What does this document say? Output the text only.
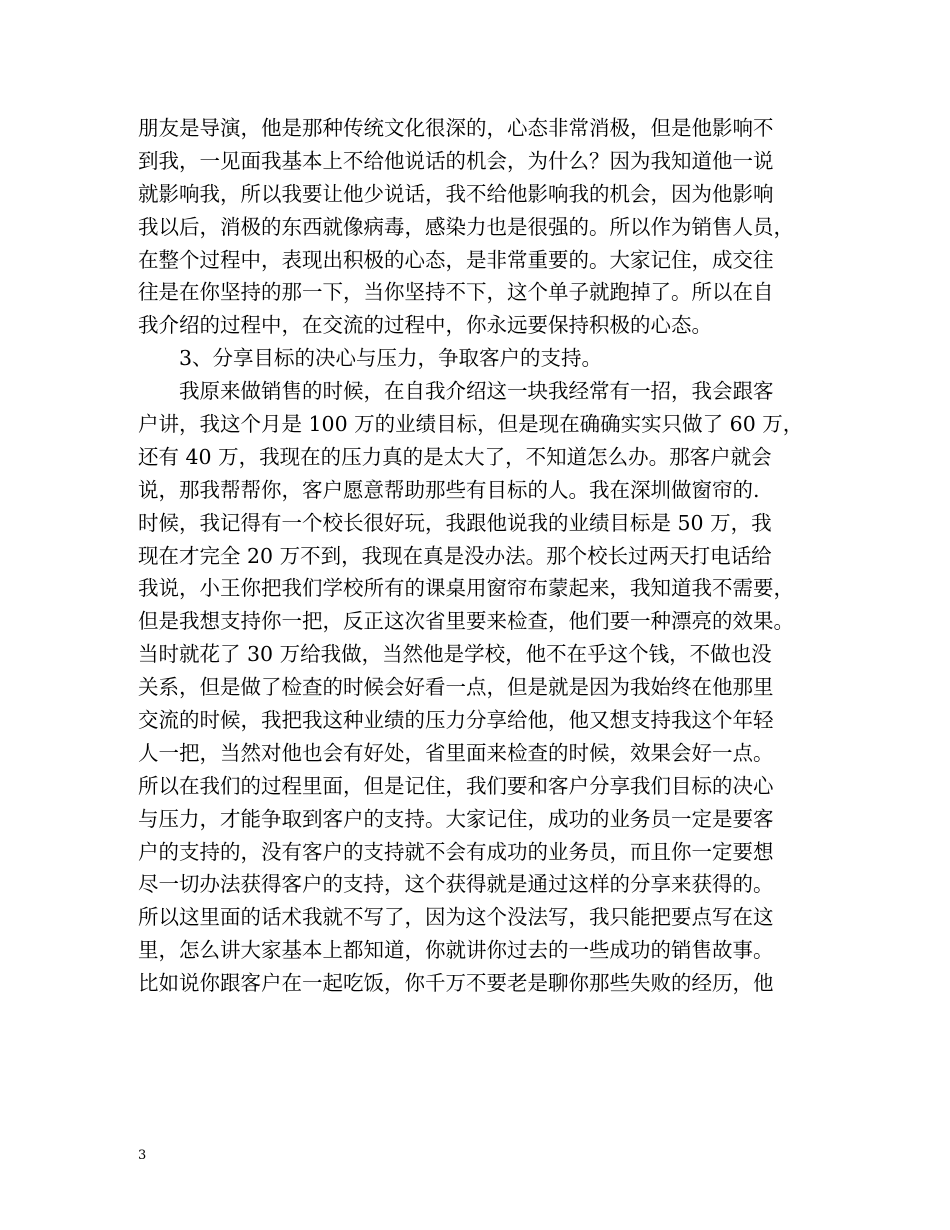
朋友是导演，他是那种传统文化很深的，心态非常消极，但是他影响不
到我，一见面我基本上不给他说话的机会，为什么？因为我知道他一说
就影响我，所以我要让他少说话，我不给他影响我的机会，因为他影响
我以后，消极的东西就像病毒，感染力也是很强的。所以作为销售人员，
在整个过程中，表现出积极的心态，是非常重要的。大家记住，成交往
往是在你坚持的那一下，当你坚持不下，这个单子就跑掉了。所以在自
我介绍的过程中，在交流的过程中，你永远要保持积极的心态。
3、分享目标的决心与压力，争取客户的支持。
我原来做销售的时候，在自我介绍这一块我经常有一招，我会跟客
户讲，我这个月是 100 万的业绩目标，但是现在确确实实只做了 60 万，
还有 40 万，我现在的压力真的是太大了，不知道怎么办。那客户就会
说，那我帮帮你，客户愿意帮助那些有目标的人。我在深圳做窗帘的.
时候，我记得有一个校长很好玩，我跟他说我的业绩目标是 50 万，我
现在才完全 20 万不到，我现在真是没办法。那个校长过两天打电话给
我说，小王你把我们学校所有的课桌用窗帘布蒙起来，我知道我不需要，
但是我想支持你一把，反正这次省里要来检查，他们要一种漂亮的效果。
当时就花了 30 万给我做，当然他是学校，他不在乎这个钱，不做也没
关系，但是做了检查的时候会好看一点，但是就是因为我始终在他那里
交流的时候，我把我这种业绩的压力分享给他，他又想支持我这个年轻
人一把，当然对他也会有好处，省里面来检查的时候，效果会好一点。
所以在我们的过程里面，但是记住，我们要和客户分享我们目标的决心
与压力，才能争取到客户的支持。大家记住，成功的业务员一定是要客
户的支持的，没有客户的支持就不会有成功的业务员，而且你一定要想
尽一切办法获得客户的支持，这个获得就是通过这样的分享来获得的。
所以这里面的话术我就不写了，因为这个没法写，我只能把要点写在这
里，怎么讲大家基本上都知道，你就讲你过去的一些成功的销售故事。
比如说你跟客户在一起吃饭，你千万不要老是聊你那些失败的经历，他
3
